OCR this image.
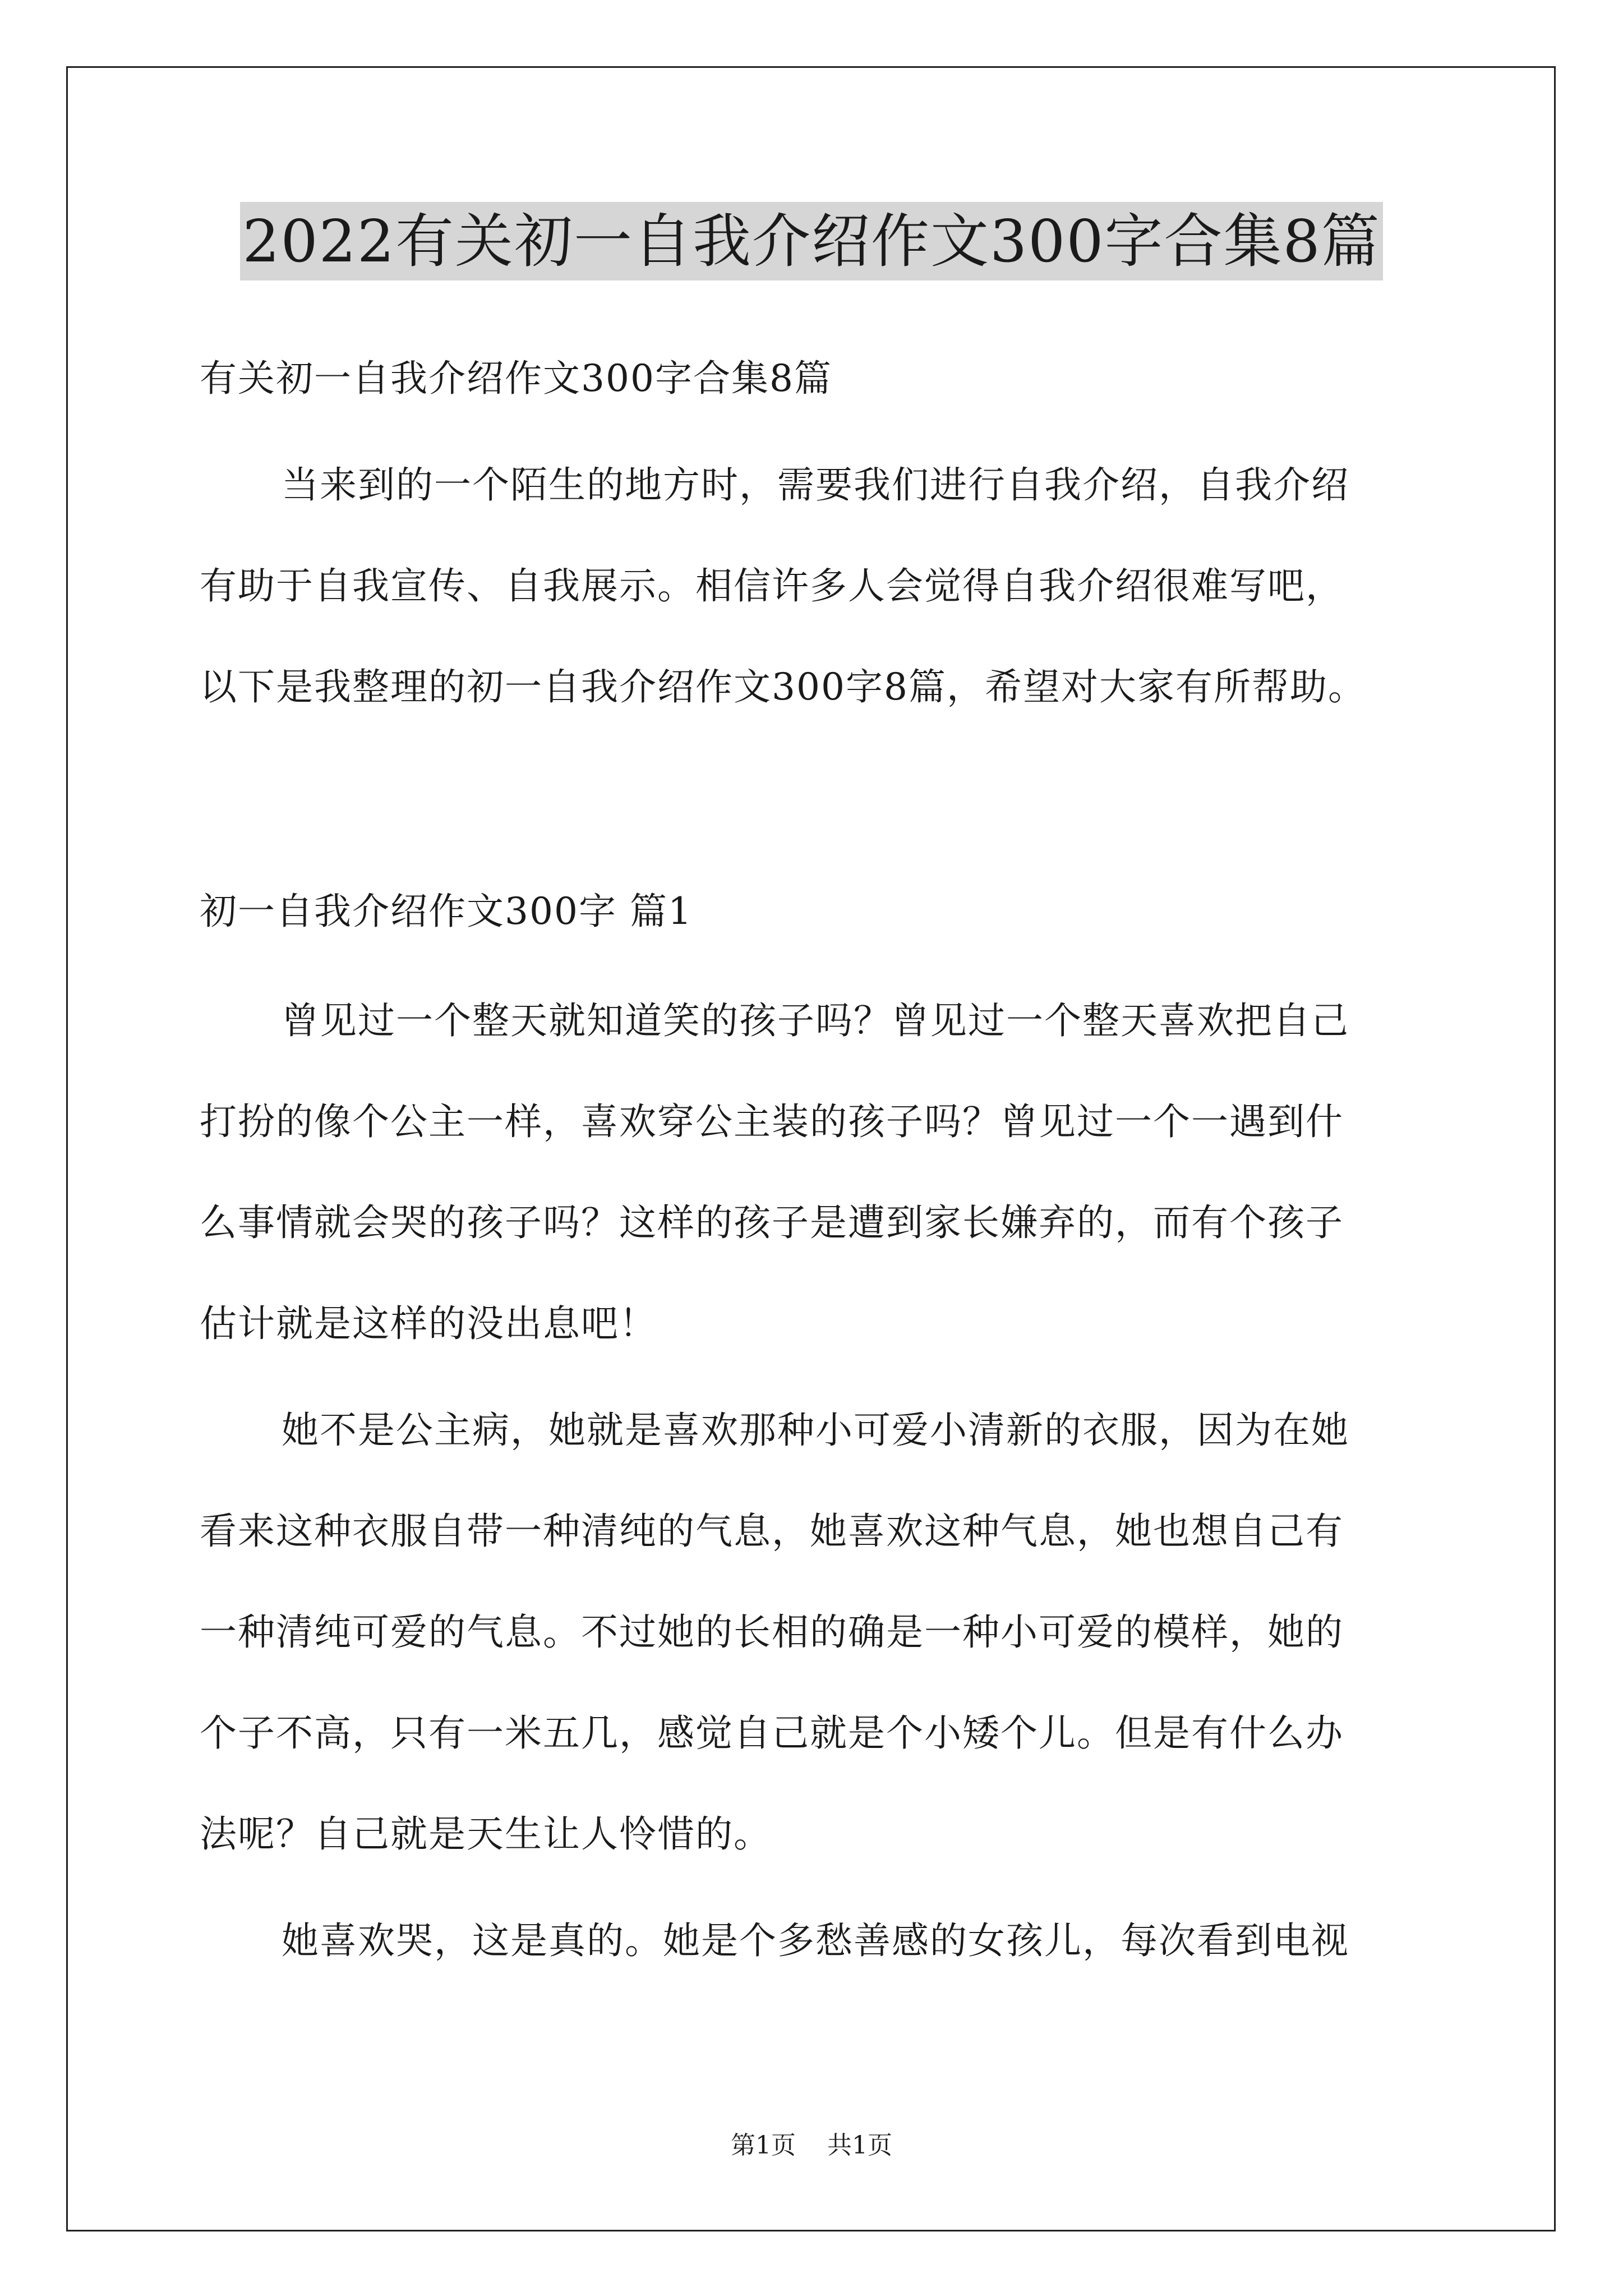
2022有关初一自我介绍作文300字合集8篇
有关初一自我介绍作文300字合集8篇
当来到的一个陌生的地方时，需要我们进行自我介绍，自我介绍
有助于自我宣传、自我展示。相信许多人会觉得自我介绍很难写吧，
以下是我整理的初一自我介绍作文300字8篇，希望对大家有所帮助。
初一自我介绍作文300字 篇1
曾见过一个整天就知道笑的孩子吗？曾见过一个整天喜欢把自己
打扮的像个公主一样，喜欢穿公主装的孩子吗？曾见过一个一遇到什
么事情就会哭的孩子吗？这样的孩子是遭到家长嫌弃的，而有个孩子
估计就是这样的没出息吧！
她不是公主病，她就是喜欢那种小可爱小清新的衣服，因为在她
看来这种衣服自带一种清纯的气息，她喜欢这种气息，她也想自己有
一种清纯可爱的气息。不过她的长相的确是一种小可爱的模样，她的
个子不高，只有一米五几，感觉自己就是个小矮个儿。但是有什么办
法呢？自己就是天生让人怜惜的。
她喜欢哭，这是真的。她是个多愁善感的女孩儿，每次看到电视
第1页 共1页
